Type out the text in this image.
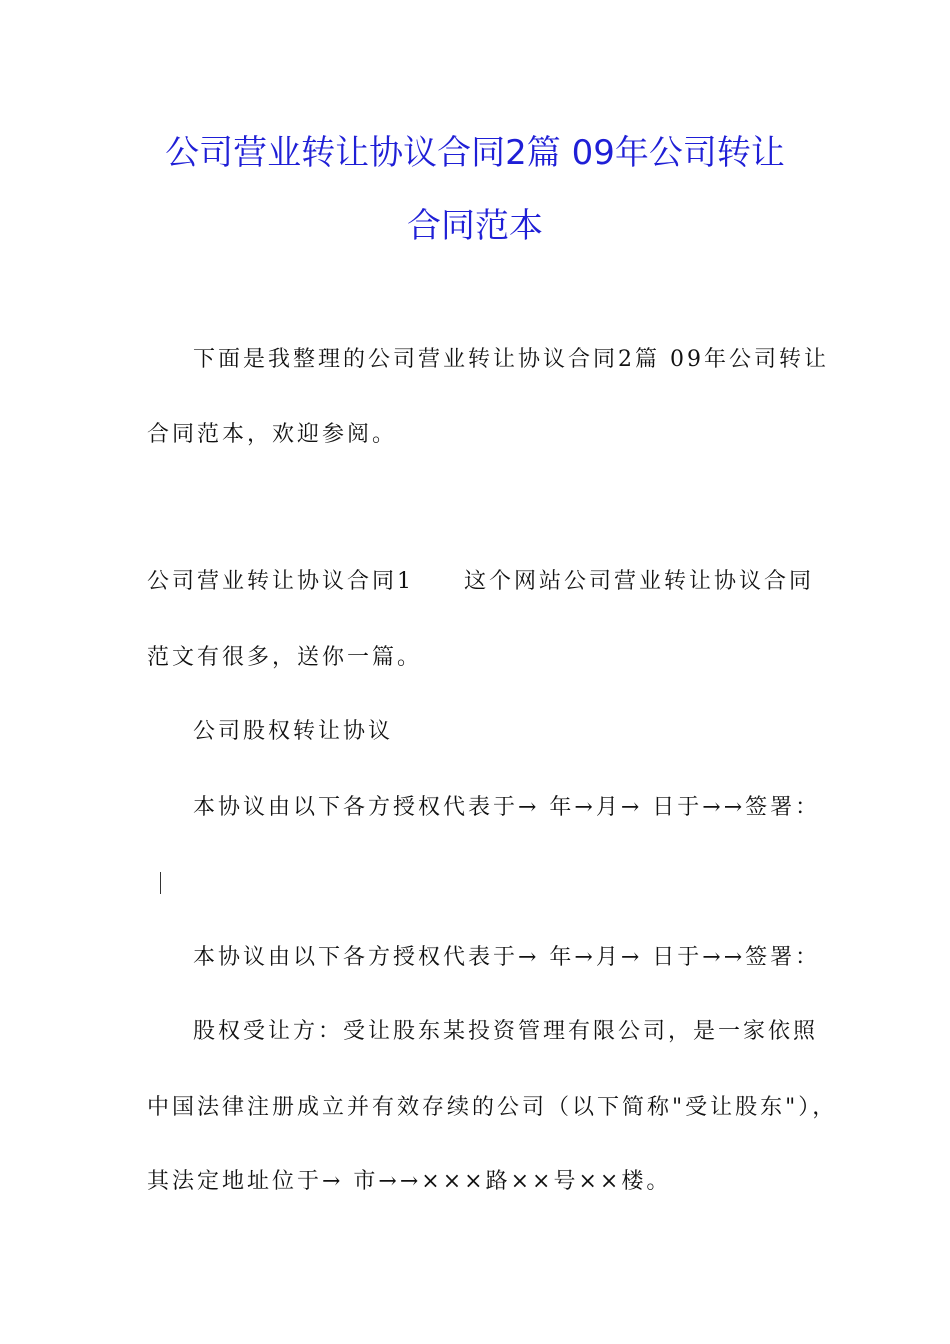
公司营业转让协议合同2篇 09年公司转让
合同范本
下面是我整理的公司营业转让协议合同2篇 09年公司转让
合同范本，欢迎参阅。
公司营业转让协议合同1　　这个网站公司营业转让协议合同
范文有很多，送你一篇。
公司股权转让协议
本协议由以下各方授权代表于→ 年→月→ 日于→→签署：
本协议由以下各方授权代表于→ 年→月→ 日于→→签署：
股权受让方：受让股东某投资管理有限公司，是一家依照
中国法律注册成立并有效存续的公司（以下简称"受让股东"），
其法定地址位于→ 市→→×××路××号××楼。
